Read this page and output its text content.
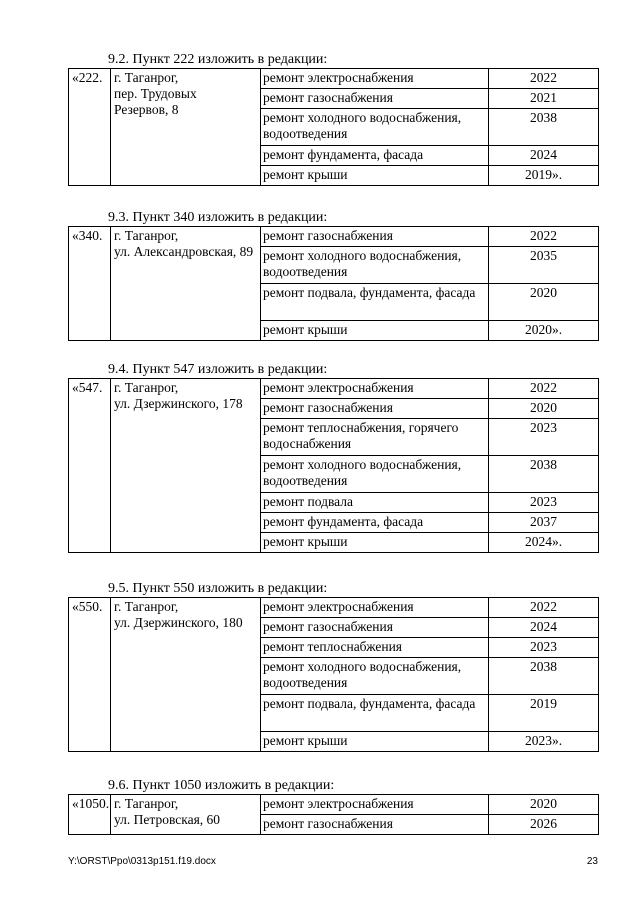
9.2. Пункт 222 изложить в редакции:
«222.	г. Таганрог,
пер. Трудовых
Резервов, 8	ремонт электроснабжения	2022
		ремонт газоснабжения	2021
		ремонт холодного водоснабжения, водоотведения	2038
		ремонт фундамента, фасада	2024
		ремонт крыши	2019».
9.3. Пункт 340 изложить в редакции:
«340.	г. Таганрог,
ул. Александровская, 89	ремонт газоснабжения	2022
		ремонт холодного водоснабжения, водоотведения	2035
		ремонт подвала, фундамента, фасада	2020
		ремонт крыши	2020».
9.4. Пункт 547 изложить в редакции:
«547.	г. Таганрог,
ул. Дзержинского, 178	ремонт электроснабжения	2022
		ремонт газоснабжения	2020
		ремонт теплоснабжения, горячего водоснабжения	2023
		ремонт холодного водоснабжения, водоотведения	2038
		ремонт подвала	2023
		ремонт фундамента, фасада	2037
		ремонт крыши	2024».
9.5. Пункт 550 изложить в редакции:
«550.	г. Таганрог,
ул. Дзержинского, 180	ремонт электроснабжения	2022
		ремонт газоснабжения	2024
		ремонт теплоснабжения	2023
		ремонт холодного водоснабжения, водоотведения	2038
		ремонт подвала, фундамента, фасада	2019
		ремонт крыши	2023».
9.6. Пункт 1050 изложить в редакции:
«1050.	г. Таганрог,
ул. Петровская, 60	ремонт электроснабжения	2020
		ремонт газоснабжения	2026
Y:\ORST\Ppo\0313p151.f19.docx	23
